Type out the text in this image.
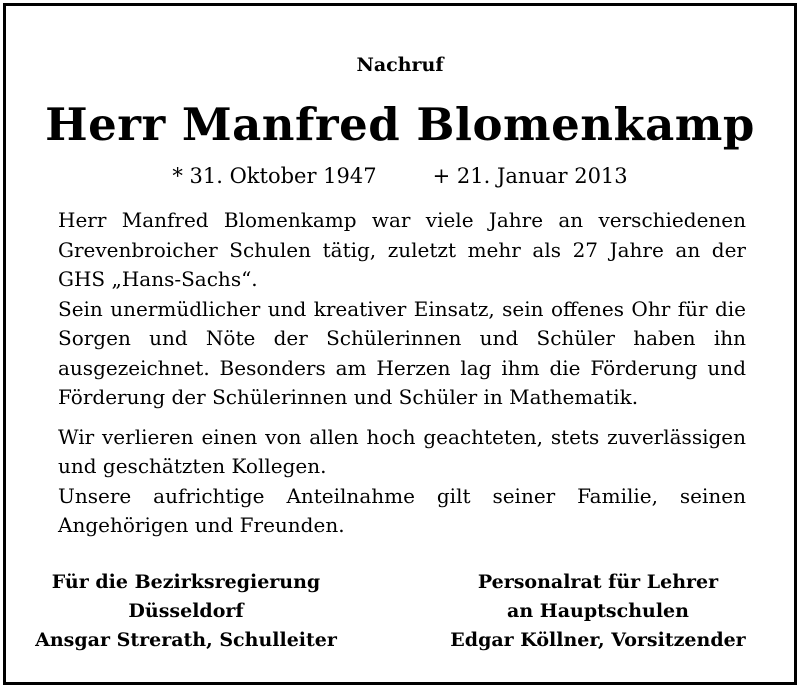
Nachruf
Herr Manfred Blomenkamp
* 31. Oktober 1947	+ 21. Januar 2013

Herr Manfred Blomenkamp war viele Jahre an verschiedenen Grevenbroicher Schulen tätig, zuletzt mehr als 27 Jahre an der GHS „Hans-Sachs“.

Sein unermüdlicher und kreativer Einsatz, sein offenes Ohr für die Sorgen und Nöte der Schülerinnen und Schüler haben ihn ausgezeichnet. Besonders am Herzen lag ihm die Förderung und Förderung der Schülerinnen und Schüler in Mathematik.

Wir verlieren einen von allen hoch geachteten, stets zuverlässigen und geschätzten Kollegen.

Unsere aufrichtige Anteilnahme gilt seiner Familie, seinen Angehörigen und Freunden.

Für die Bezirksregierung
Düsseldorf
Ansgar Strerath, Schulleiter
Personalrat für Lehrer
an Hauptschulen
Edgar Köllner, Vorsitzender
